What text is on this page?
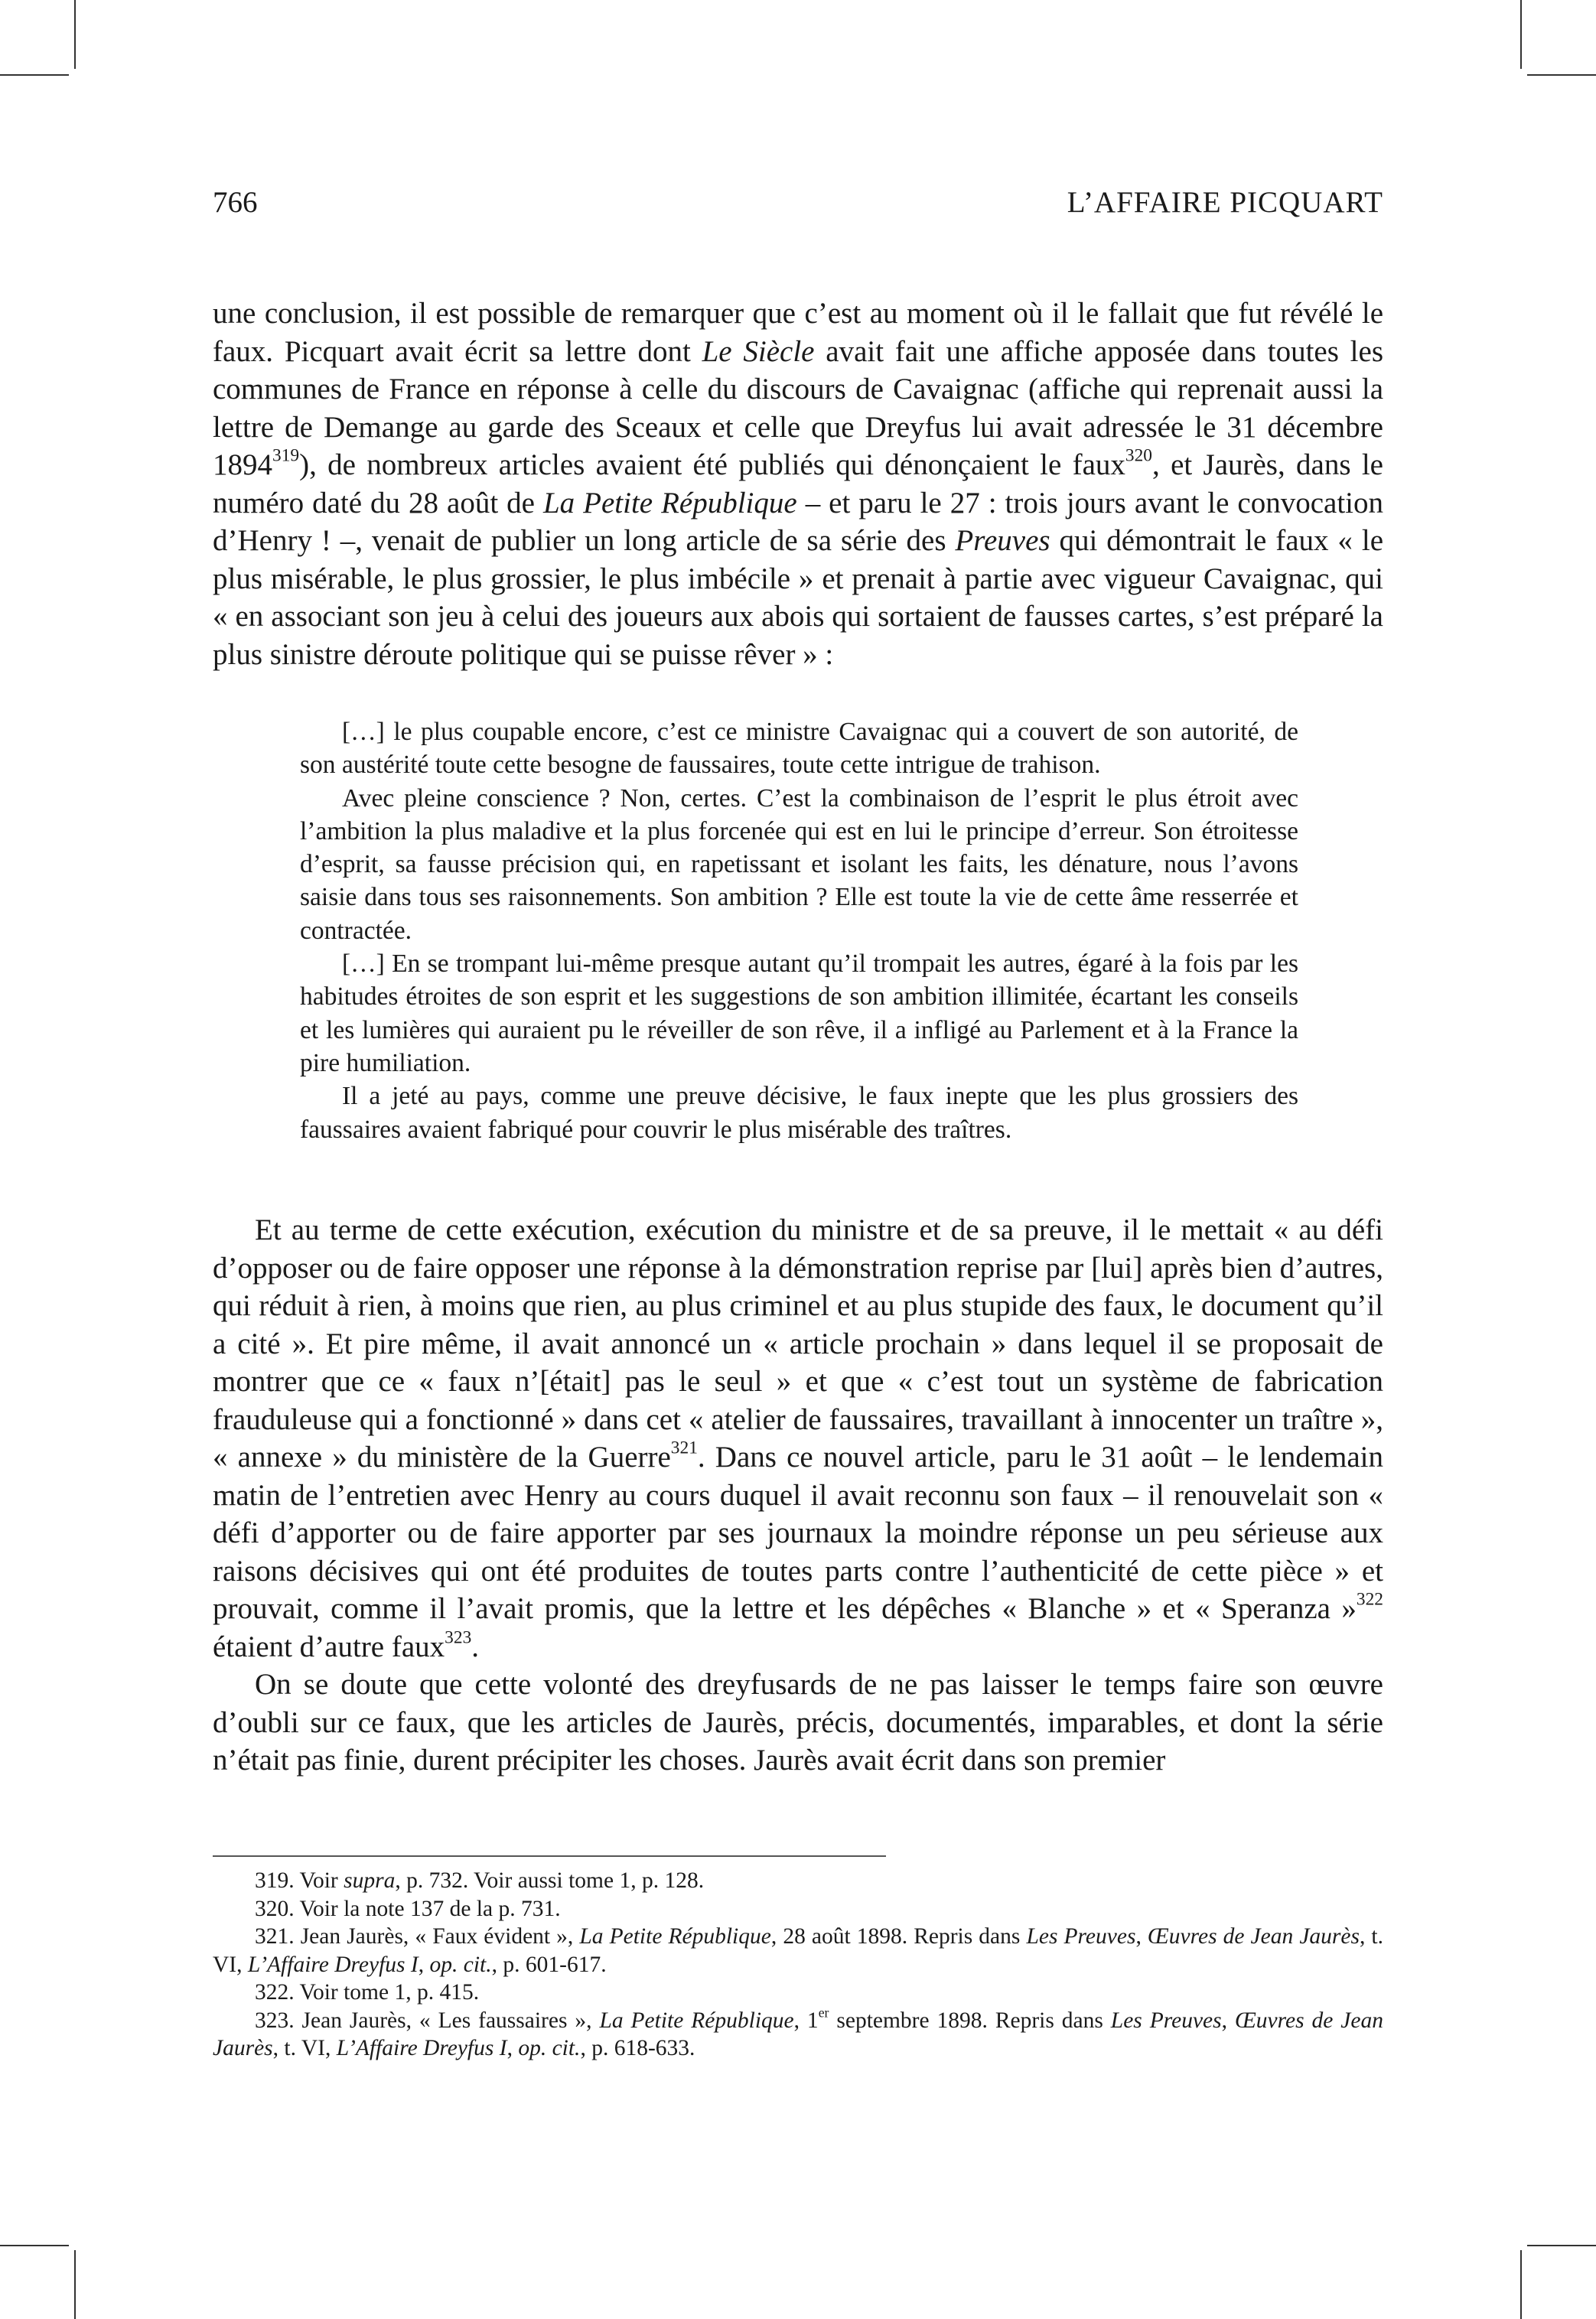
766	L’AFFAIRE PICQUART

une conclusion, il est possible de remarquer que c’est au moment où il le fallait que fut révélé le faux. Picquart avait écrit sa lettre dont Le Siècle avait fait une affiche apposée dans toutes les communes de France en réponse à celle du discours de Cavaignac (affiche qui reprenait aussi la lettre de Demange au garde des Sceaux et celle que Dreyfus lui avait adressée le 31 décembre 1894$^{319}$), de nombreux articles avaient été publiés qui dénonçaient le faux$^{320}$, et Jaurès, dans le numéro daté du 28 août de La Petite République – et paru le 27 : trois jours avant le convocation d’Henry ! –, venait de publier un long article de sa série des Preuves qui démontrait le faux « le plus misérable, le plus grossier, le plus imbécile » et prenait à partie avec vigueur Cavaignac, qui « en associant son jeu à celui des joueurs aux abois qui sortaient de fausses cartes, s’est préparé la plus sinistre déroute politique qui se puisse rêver » :

[…] le plus coupable encore, c’est ce ministre Cavaignac qui a couvert de son autorité, de son austérité toute cette besogne de faussaires, toute cette intrigue de trahison.

Avec pleine conscience ? Non, certes. C’est la combinaison de l’esprit le plus étroit avec l’ambition la plus maladive et la plus forcenée qui est en lui le principe d’erreur. Son étroitesse d’esprit, sa fausse précision qui, en rapetissant et isolant les faits, les dénature, nous l’avons saisie dans tous ses raisonnements. Son ambition ? Elle est toute la vie de cette âme resserrée et contractée.

[…] En se trompant lui-même presque autant qu’il trompait les autres, égaré à la fois par les habitudes étroites de son esprit et les suggestions de son ambition illimitée, écartant les conseils et les lumières qui auraient pu le réveiller de son rêve, il a infligé au Parlement et à la France la pire humiliation.

Il a jeté au pays, comme une preuve décisive, le faux inepte que les plus grossiers des faussaires avaient fabriqué pour couvrir le plus misérable des traîtres.

Et au terme de cette exécution, exécution du ministre et de sa preuve, il le mettait « au défi d’opposer ou de faire opposer une réponse à la démonstration reprise par [lui] après bien d’autres, qui réduit à rien, à moins que rien, au plus criminel et au plus stupide des faux, le document qu’il a cité ». Et pire même, il avait annoncé un « article prochain » dans lequel il se proposait de montrer que ce « faux n’[était] pas le seul » et que « c’est tout un système de fabrication frauduleuse qui a fonctionné » dans cet « atelier de faussaires, travaillant à innocenter un traître », « annexe » du ministère de la Guerre$^{321}$. Dans ce nouvel article, paru le 31 août – le lendemain matin de l’entretien avec Henry au cours duquel il avait reconnu son faux – il renouvelait son « défi d’apporter ou de faire apporter par ses journaux la moindre réponse un peu sérieuse aux raisons décisives qui ont été produites de toutes parts contre l’authenticité de cette pièce » et prouvait, comme il l’avait promis, que la lettre et les dépêches « Blanche » et « Speranza »$^{322}$ étaient d’autre faux$^{323}$.

On se doute que cette volonté des dreyfusards de ne pas laisser le temps faire son œuvre d’oubli sur ce faux, que les articles de Jaurès, précis, documentés, imparables, et dont la série n’était pas finie, durent précipiter les choses. Jaurès avait écrit dans son premier

319. Voir supra, p. 732. Voir aussi tome 1, p. 128.

320. Voir la note 137 de la p. 731.

321. Jean Jaurès, « Faux évident », La Petite République, 28 août 1898. Repris dans Les Preuves, Œuvres de Jean Jaurès, t. VI, L’Affaire Dreyfus I, op. cit., p. 601-617.

322. Voir tome 1, p. 415.

323. Jean Jaurès, « Les faussaires », La Petite République, 1er septembre 1898. Repris dans Les Preuves, Œuvres de Jean Jaurès, t. VI, L’Affaire Dreyfus I, op. cit., p. 618-633.
